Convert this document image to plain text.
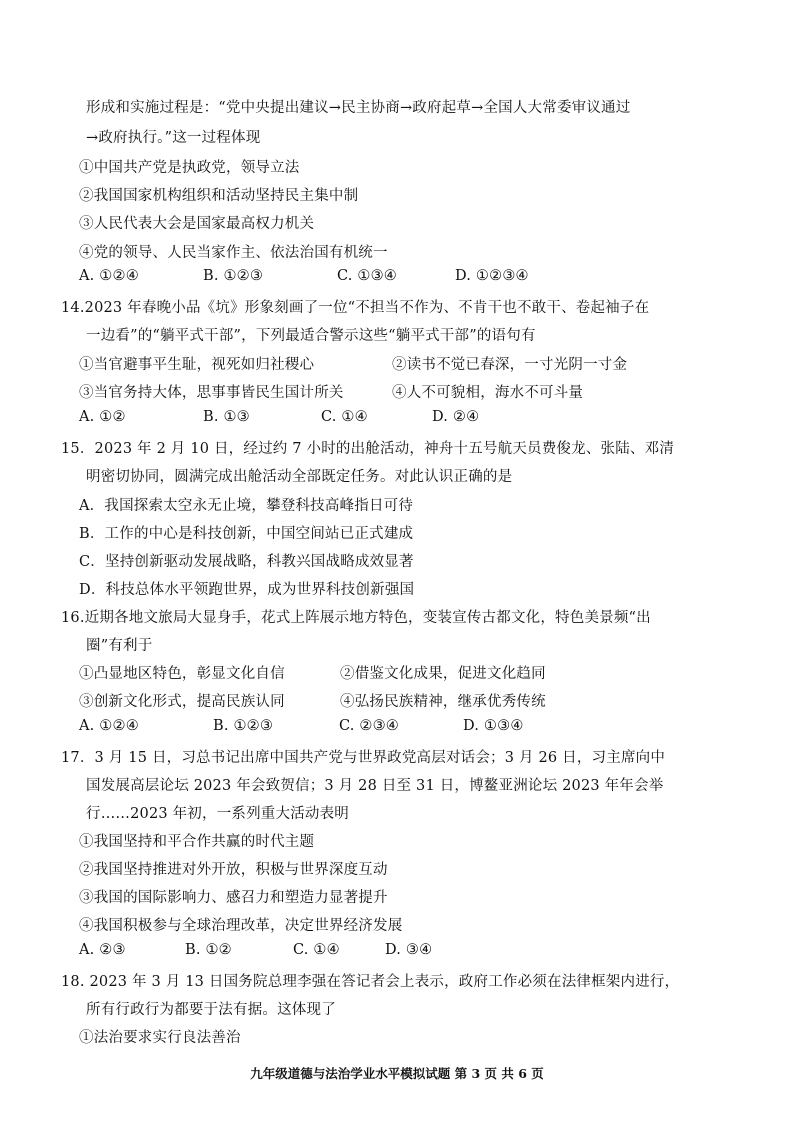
形成和实施过程是：“党中央提出建议→民主协商→政府起草→全国人大常委审议通过
→政府执行。”这一过程体现
①中国共产党是执政党，领导立法
②我国国家机构组织和活动坚持民主集中制
③人民代表大会是国家最高权力机关
④党的领导、人民当家作主、依法治国有机统一
A. ①②④	B. ①②③	C. ①③④	D. ①②③④
14.2023 年春晚小品《坑》形象刻画了一位“不担当不作为、不肯干也不敢干、卷起袖子在
一边看”的“躺平式干部”，下列最适合警示这些“躺平式干部”的语句有
①当官避事平生耻，视死如归社稷心	②读书不觉已春深，一寸光阴一寸金
③当官务持大体，思事事皆民生国计所关	④人不可貌相，海水不可斗量
A. ①②	B. ①③	C. ①④	D. ②④
15．2023 年 2 月 10 日，经过约 7 小时的出舱活动，神舟十五号航天员费俊龙、张陆、邓清
明密切协同，圆满完成出舱活动全部既定任务。对此认识正确的是
A．我国探索太空永无止境，攀登科技高峰指日可待
B．工作的中心是科技创新，中国空间站已正式建成
C．坚持创新驱动发展战略，科教兴国战略成效显著
D．科技总体水平领跑世界，成为世界科技创新强国
16.近期各地文旅局大显身手，花式上阵展示地方特色，变装宣传古都文化，特色美景频“出
圈”有利于
①凸显地区特色，彰显文化自信	②借鉴文化成果，促进文化趋同
③创新文化形式，提高民族认同	④弘扬民族精神，继承优秀传统
A. ①②④	B. ①②③	C. ②③④	D. ①③④
17．3 月 15 日，习总书记出席中国共产党与世界政党高层对话会；3 月 26 日，习主席向中
国发展高层论坛 2023 年会致贺信；3 月 28 日至 31 日，博鳌亚洲论坛 2023 年年会举
行……2023 年初，一系列重大活动表明
①我国坚持和平合作共赢的时代主题
②我国坚持推进对外开放，积极与世界深度互动
③我国的国际影响力、感召力和塑造力显著提升
④我国积极参与全球治理改革，决定世界经济发展
A. ②③	B. ①②	C. ①④	D. ③④
18. 2023 年 3 月 13 日国务院总理李强在答记者会上表示，政府工作必须在法律框架内进行，
所有行政行为都要于法有据。这体现了
①法治要求实行良法善治
九年级道德与法治学业水平模拟试题 第 3 页 共 6 页
